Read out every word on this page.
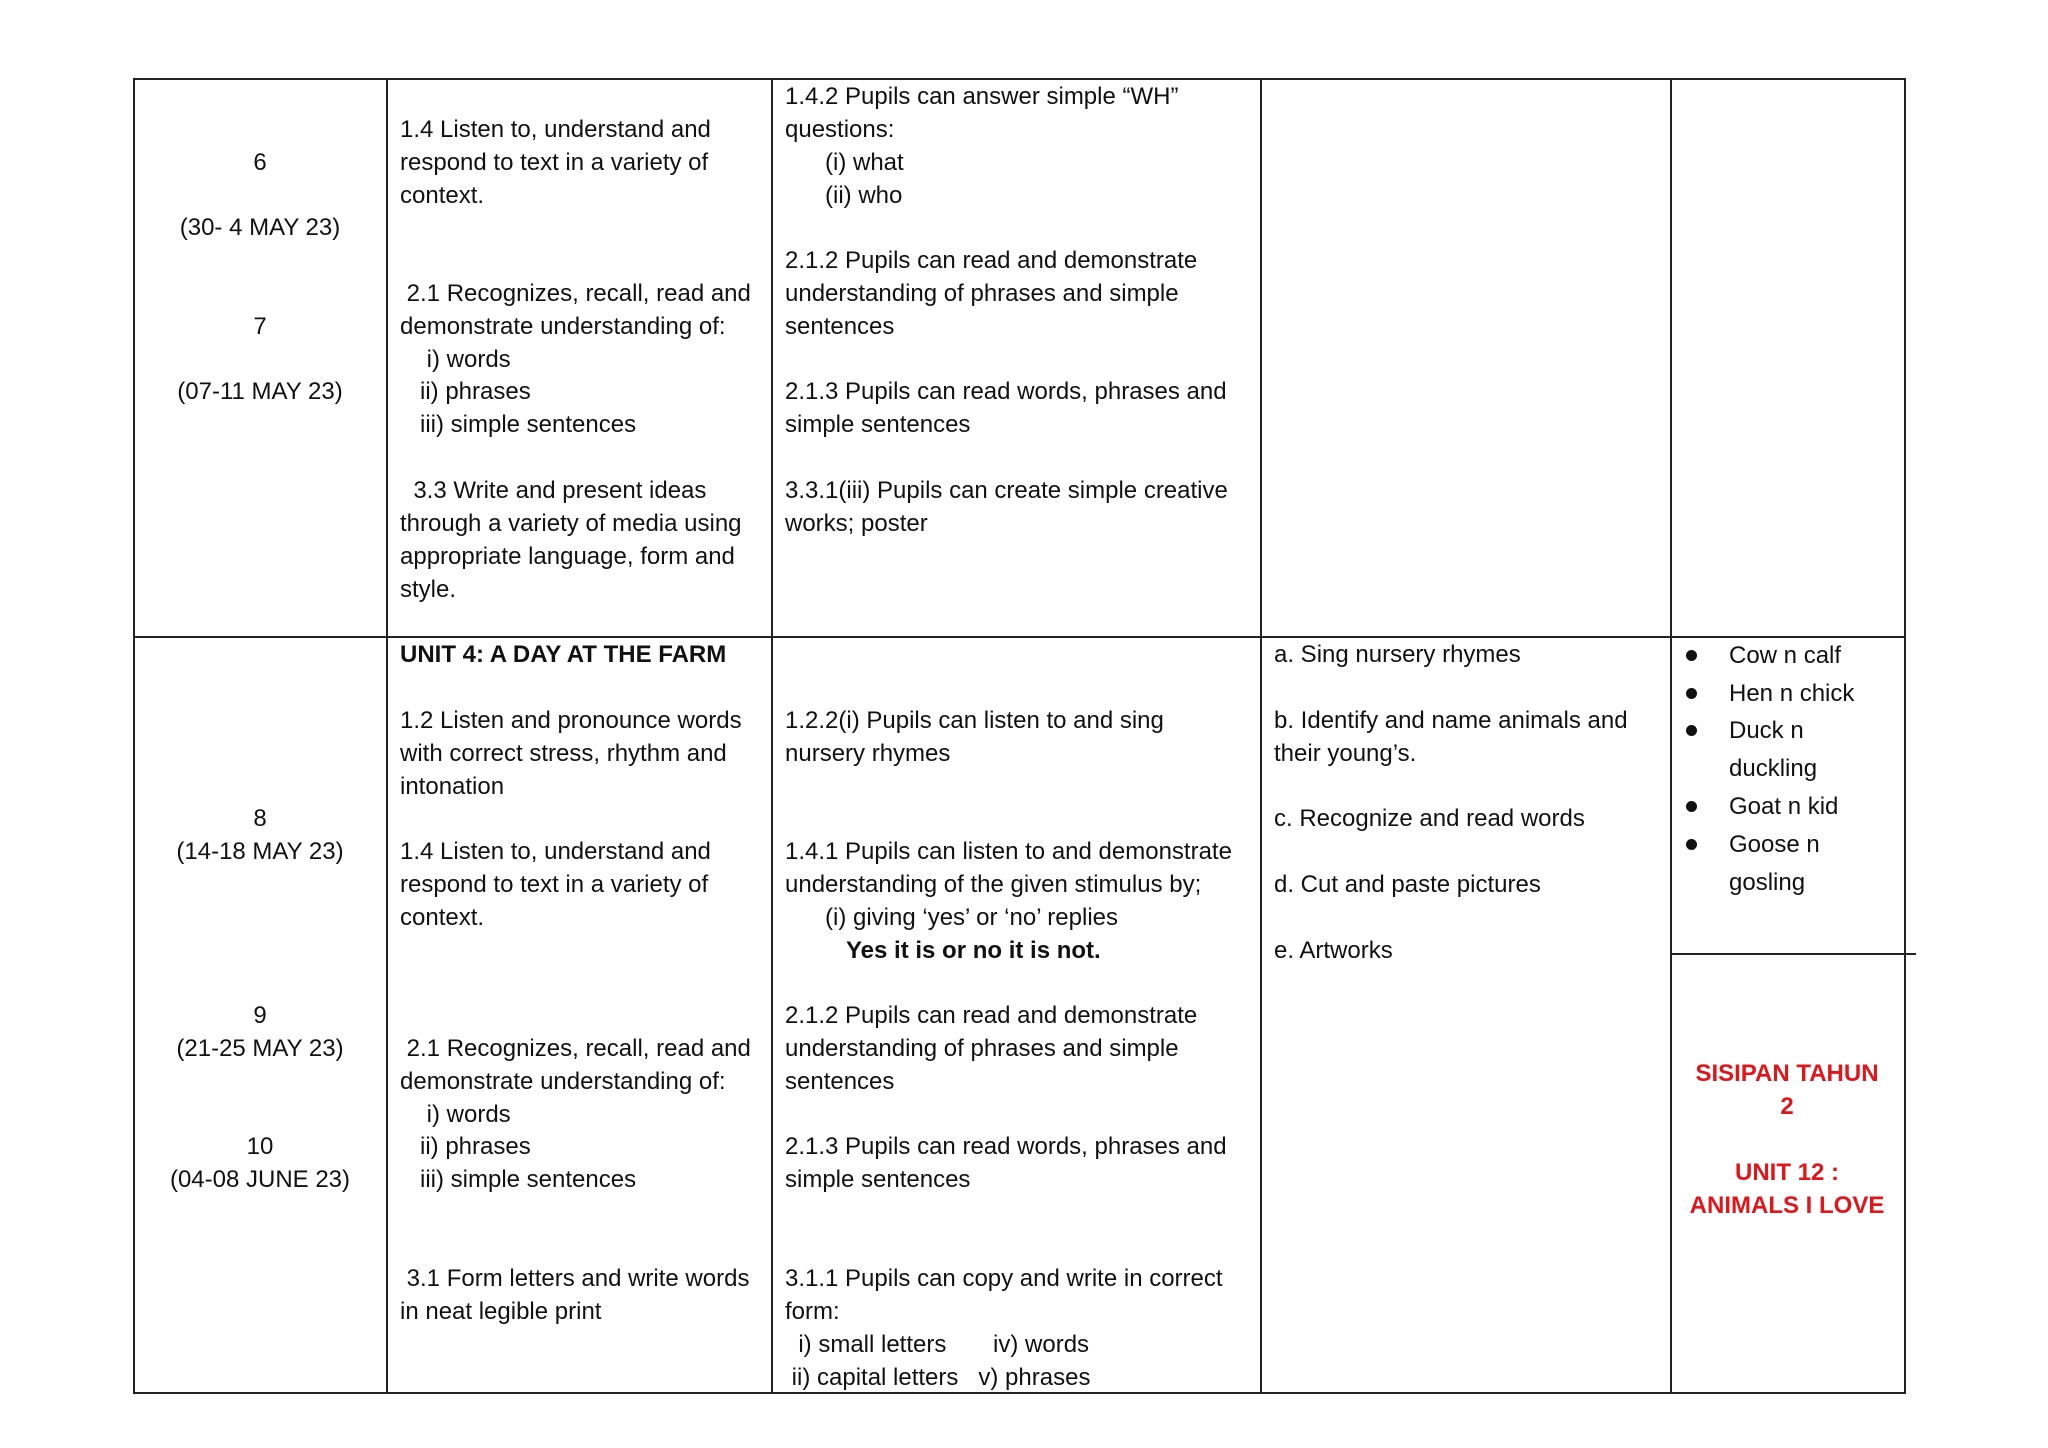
6
(30- 4 MAY 23)
7
(07-11 MAY 23)
1.4 Listen to, understand and
respond to text in a variety of
context.
2.1 Recognizes, recall, read and
demonstrate understanding of:
i) words
ii) phrases
iii) simple sentences
3.3 Write and present ideas
through a variety of media using
appropriate language, form and
style.
1.4.2 Pupils can answer simple “WH”
questions:
(i) what
(ii) who
2.1.2 Pupils can read and demonstrate
understanding of phrases and simple
sentences
2.1.3 Pupils can read words, phrases and
simple sentences
3.3.1(iii) Pupils can create simple creative
works; poster
8
(14-18 MAY 23)
9
(21-25 MAY 23)
10
(04-08 JUNE 23)
UNIT 4: A DAY AT THE FARM
1.2 Listen and pronounce words
with correct stress, rhythm and
intonation
1.4 Listen to, understand and
respond to text in a variety of
context.
2.1 Recognizes, recall, read and
demonstrate understanding of:
i) words
ii) phrases
iii) simple sentences
3.1 Form letters and write words
in neat legible print
1.2.2(i) Pupils can listen to and sing
nursery rhymes
1.4.1 Pupils can listen to and demonstrate
understanding of the given stimulus by;
(i) giving ‘yes’ or ‘no’ replies
Yes it is or no it is not.
2.1.2 Pupils can read and demonstrate
understanding of phrases and simple
sentences
2.1.3 Pupils can read words, phrases and
simple sentences
3.1.1 Pupils can copy and write in correct
form:
i) small letters       iv) words
ii) capital letters   v) phrases
a. Sing nursery rhymes
b. Identify and name animals and
their young’s.
c. Recognize and read words
d. Cut and paste pictures
e. Artworks
Cow n calf
Hen n chick
Duck n
duckling
Goat n kid
Goose n
gosling
SISIPAN TAHUN
2
UNIT 12 :
ANIMALS I LOVE
